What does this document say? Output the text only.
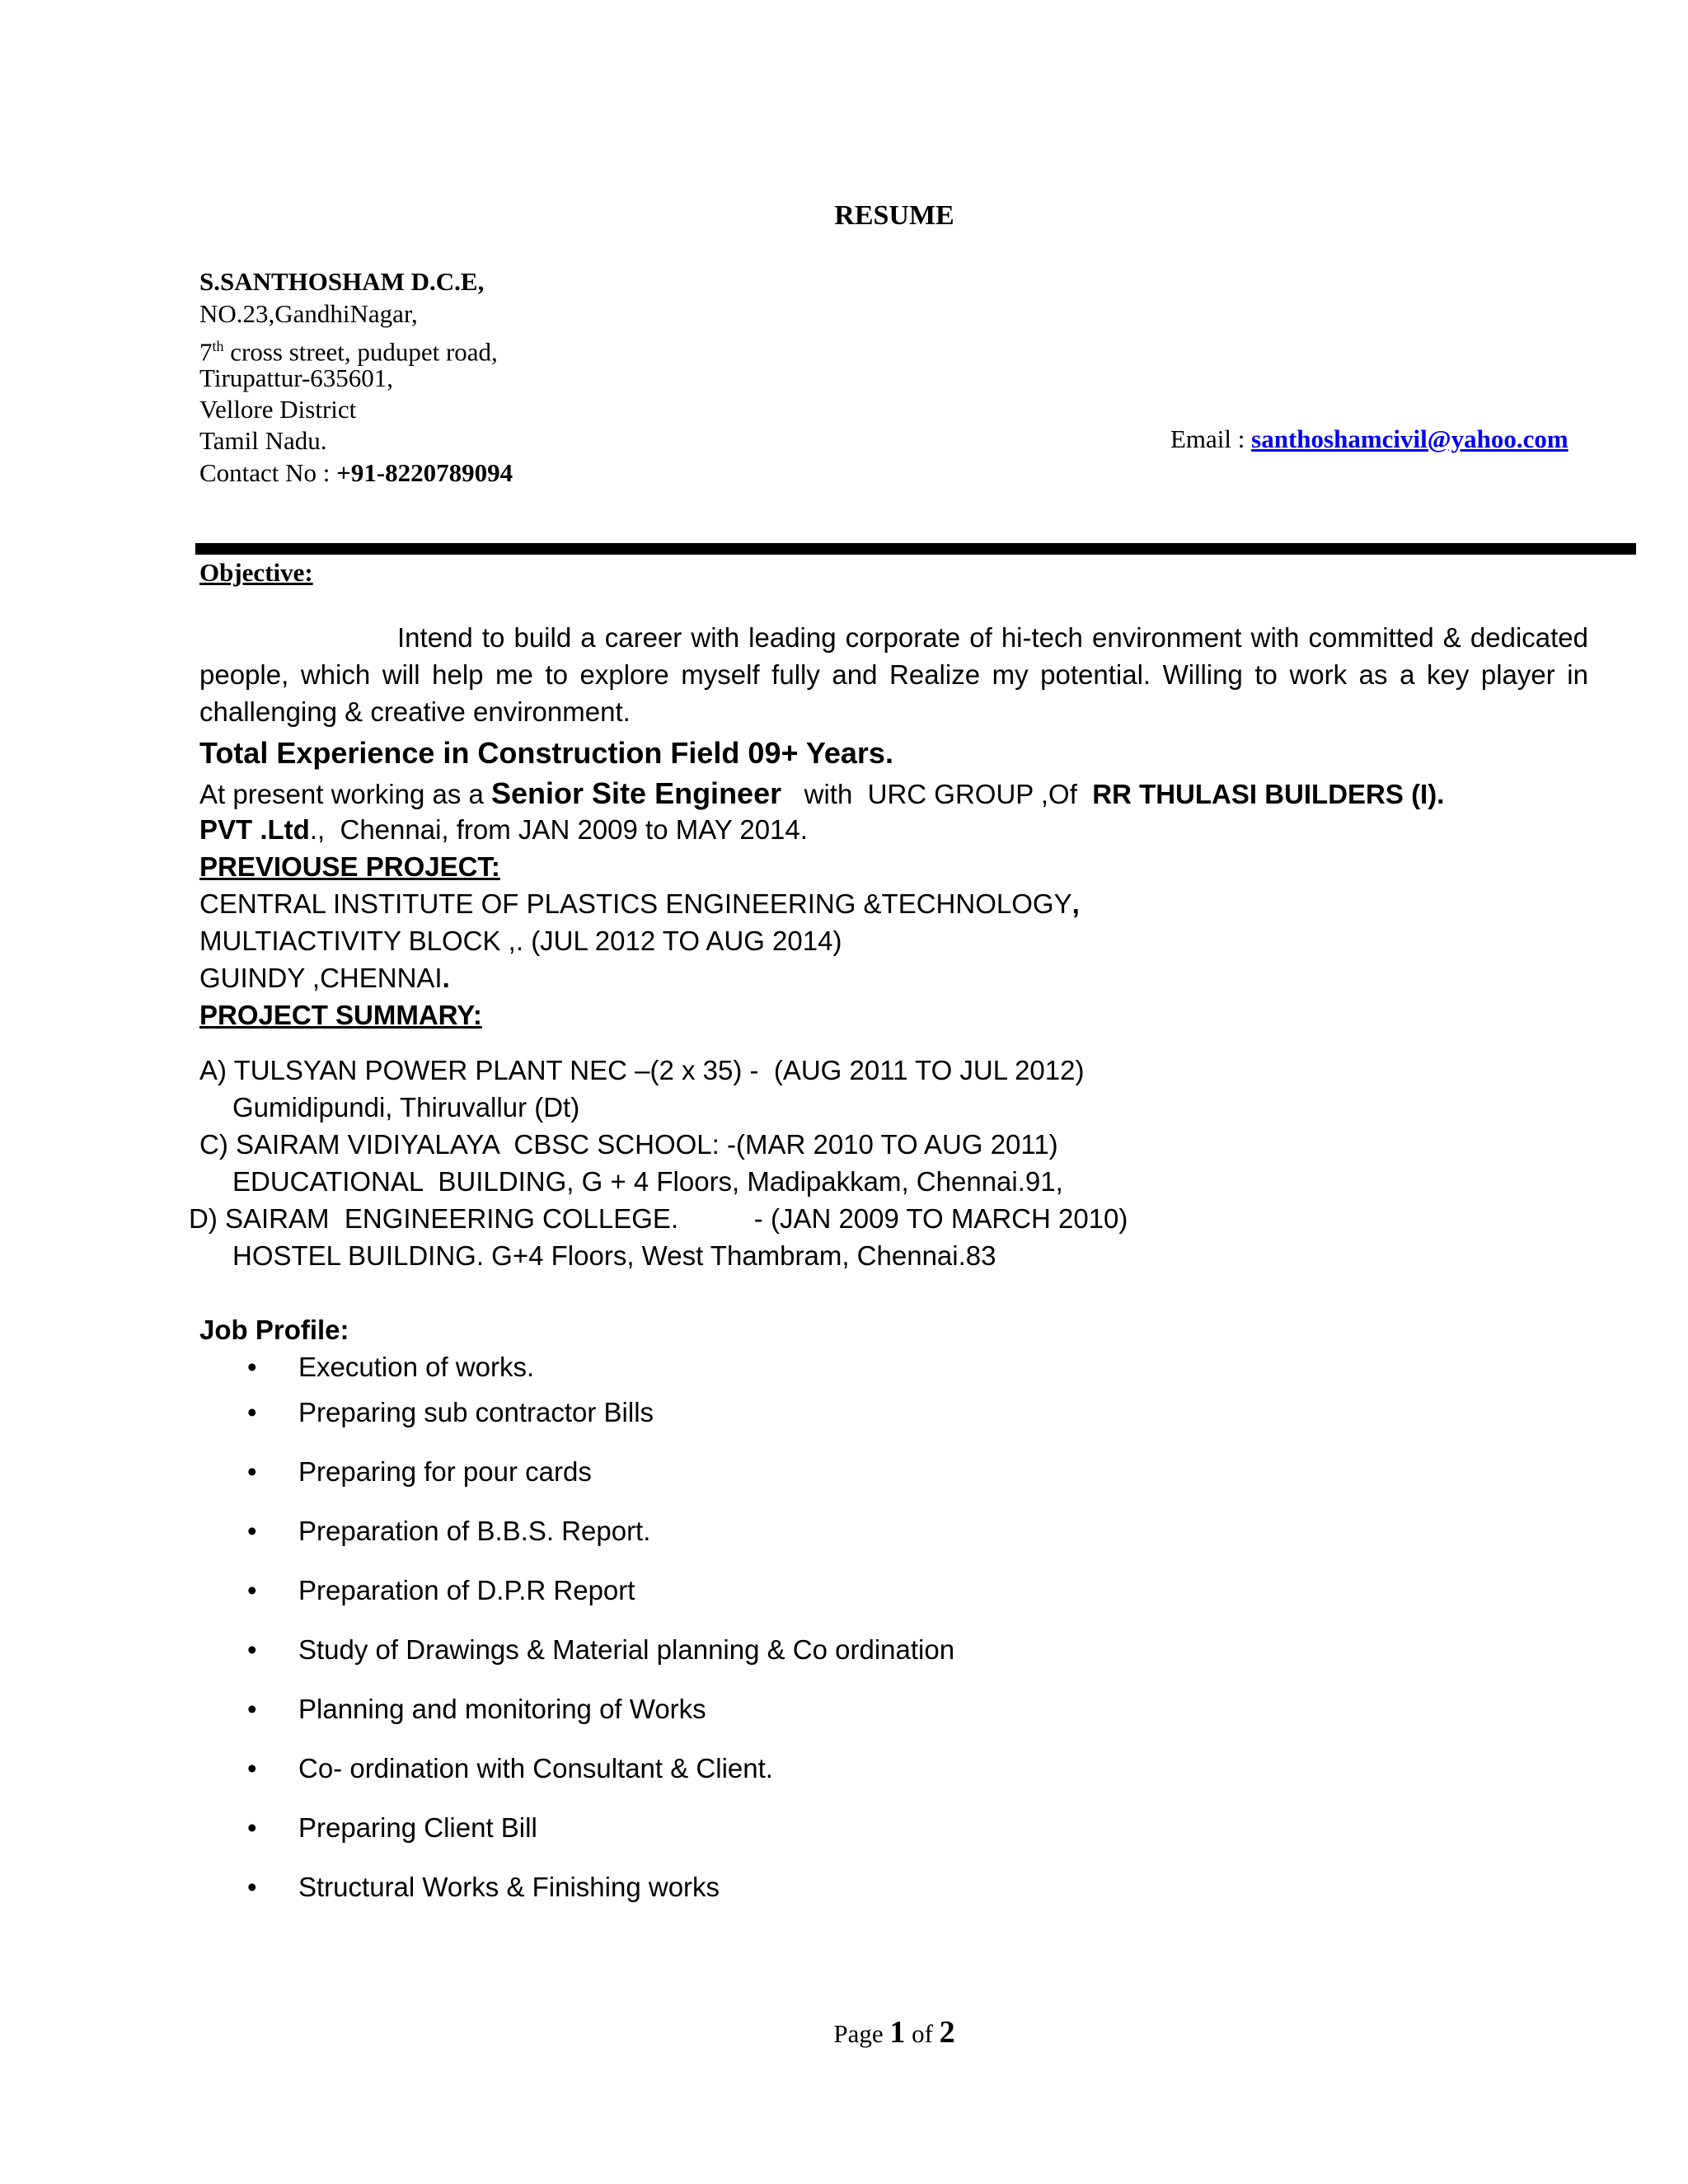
RESUME
S.SANTHOSHAM D.C.E,
NO.23,GandhiNagar,
7th cross street, pudupet road,
Tirupattur-635601,
Vellore District
Tamil Nadu.
Contact No : +91-8220789094
Email : santhoshamcivil@yahoo.com
Objective:
Intend to build a career with leading corporate of hi-tech environment with committed & dedicated people, which will help me to explore myself fully and Realize my potential. Willing to work as a key player in challenging & creative environment.
Total Experience in Construction Field 09+ Years.
At present working as a Senior Site Engineer   with  URC GROUP ,Of  RR THULASI BUILDERS (I).
PVT .Ltd.,  Chennai, from JAN 2009 to MAY 2014.
PREVIOUSE PROJECT:
CENTRAL INSTITUTE OF PLASTICS ENGINEERING &TECHNOLOGY,
MULTIACTIVITY BLOCK ,. (JUL 2012 TO AUG 2014)
GUINDY ,CHENNAI.
PROJECT SUMMARY:
A) TULSYAN POWER PLANT NEC –(2 x 35) -  (AUG 2011 TO JUL 2012)
Gumidipundi, Thiruvallur (Dt)
C) SAIRAM VIDIYALAYA  CBSC SCHOOL: -(MAR 2010 TO AUG 2011)
EDUCATIONAL  BUILDING, G + 4 Floors, Madipakkam, Chennai.91,
D) SAIRAM  ENGINEERING COLLEGE.          - (JAN 2009 TO MARCH 2010)
HOSTEL BUILDING. G+4 Floors, West Thambram, Chennai.83
Job Profile:
• Execution of works.
• Preparing sub contractor Bills
• Preparing for pour cards
• Preparation of B.B.S. Report.
• Preparation of D.P.R Report
• Study of Drawings & Material planning & Co ordination
• Planning and monitoring of Works
• Co- ordination with Consultant & Client.
• Preparing Client Bill
• Structural Works & Finishing works
Page 1 of 2
